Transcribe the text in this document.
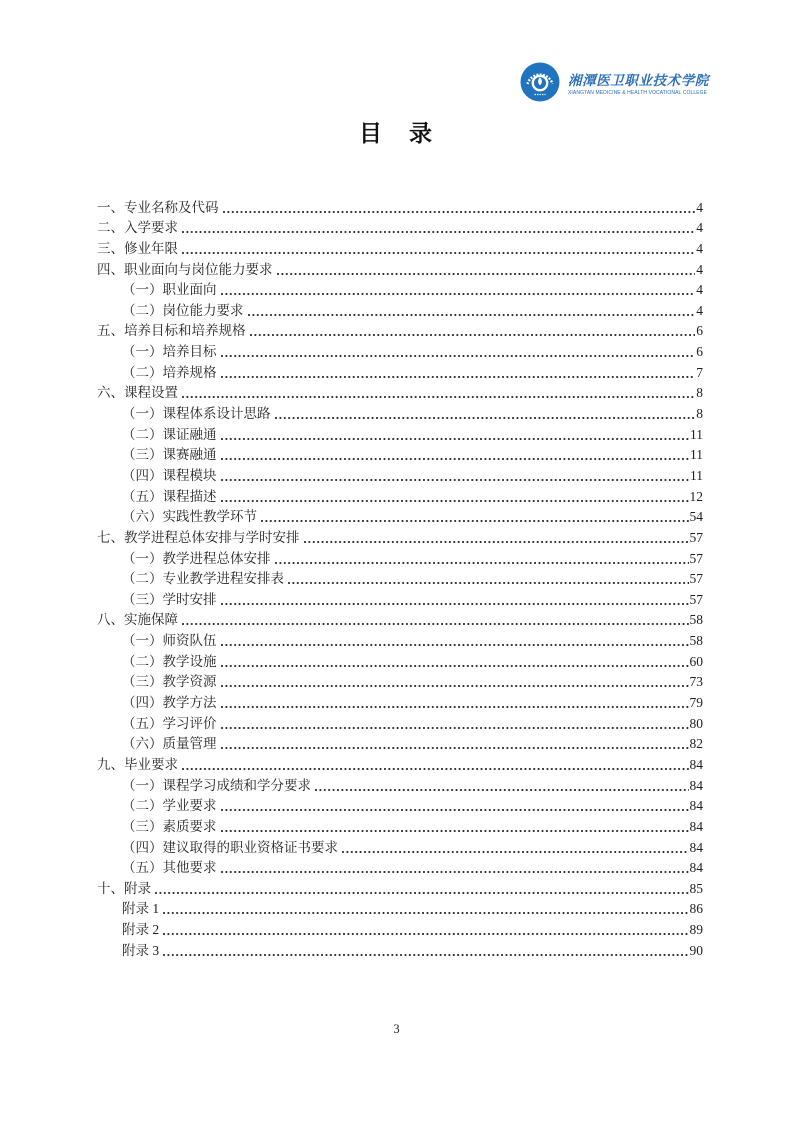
湘潭医卫职业技术学院
XIANGTAN MEDICINE & HEALTH VOCATIONAL COLLEGE
目　录
一、专业名称及代码	4
二、入学要求	4
三、修业年限	4
四、职业面向与岗位能力要求	4
（一）职业面向	4
（二）岗位能力要求	4
五、培养目标和培养规格	6
（一）培养目标	6
（二）培养规格	7
六、课程设置	8
（一）课程体系设计思路	8
（二）课证融通	11
（三）课赛融通	11
（四）课程模块	11
（五）课程描述	12
（六）实践性教学环节	54
七、教学进程总体安排与学时安排	57
（一）教学进程总体安排	57
（二）专业教学进程安排表	57
（三）学时安排	57
八、实施保障	58
（一）师资队伍	58
（二）教学设施	60
（三）教学资源	73
（四）教学方法	79
（五）学习评价	80
（六）质量管理	82
九、毕业要求	84
（一）课程学习成绩和学分要求	84
（二）学业要求	84
（三）素质要求	84
（四）建议取得的职业资格证书要求	84
（五）其他要求	84
十、附录	85
附录 1	86
附录 2	89
附录 3	90
3
